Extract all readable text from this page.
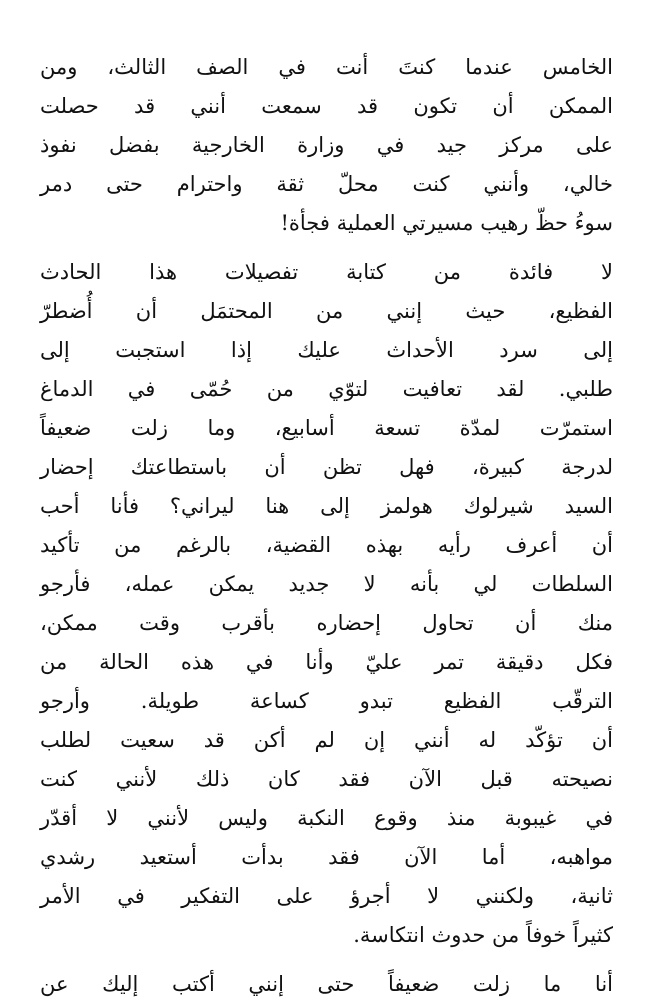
الخامس عندما كنتَ أنت في الصف الثالث، ومن
الممكن أن تكون قد سمعت أنني قد حصلت
على مركز جيد في وزارة الخارجية بفضل نفوذ
خالي، وأنني كنت محلّ ثقة واحترام حتى دمر
سوءُ حظّ رهيب مسيرتي العملية فجأة!
لا فائدة من كتابة تفصيلات هذا الحادث
الفظيع، حيث إنني من المحتمَل أن أُضطرّ
إلى سرد الأحداث عليك إذا استجبت إلى
طلبي. لقد تعافيت لتوّي من حُمّى في الدماغ
استمرّت لمدّة تسعة أسابيع، وما زلت ضعيفاً
لدرجة كبيرة، فهل تظن أن باستطاعتك إحضار
السيد شيرلوك هولمز إلى هنا ليراني؟ فأنا أحب
أن أعرف رأيه بهذه القضية، بالرغم من تأكيد
السلطات لي بأنه لا جديد يمكن عمله، فأرجو
منك أن تحاول إحضاره بأقرب وقت ممكن،
فكل دقيقة تمر عليّ وأنا في هذه الحالة من
الترقّب الفظيع تبدو كساعة طويلة. وأرجو
أن تؤكّد له أنني إن لم أكن قد سعيت لطلب
نصيحته قبل الآن فقد كان ذلك لأنني كنت
في غيبوبة منذ وقوع النكبة وليس لأنني لا أقدّر
مواهبه، أما الآن فقد بدأت أستعيد رشدي
ثانية، ولكنني لا أجرؤ على التفكير في الأمر
كثيراً خوفاً من حدوث انتكاسة.
أنا ما زلت ضعيفاً حتى إنني أكتب إليك عن
